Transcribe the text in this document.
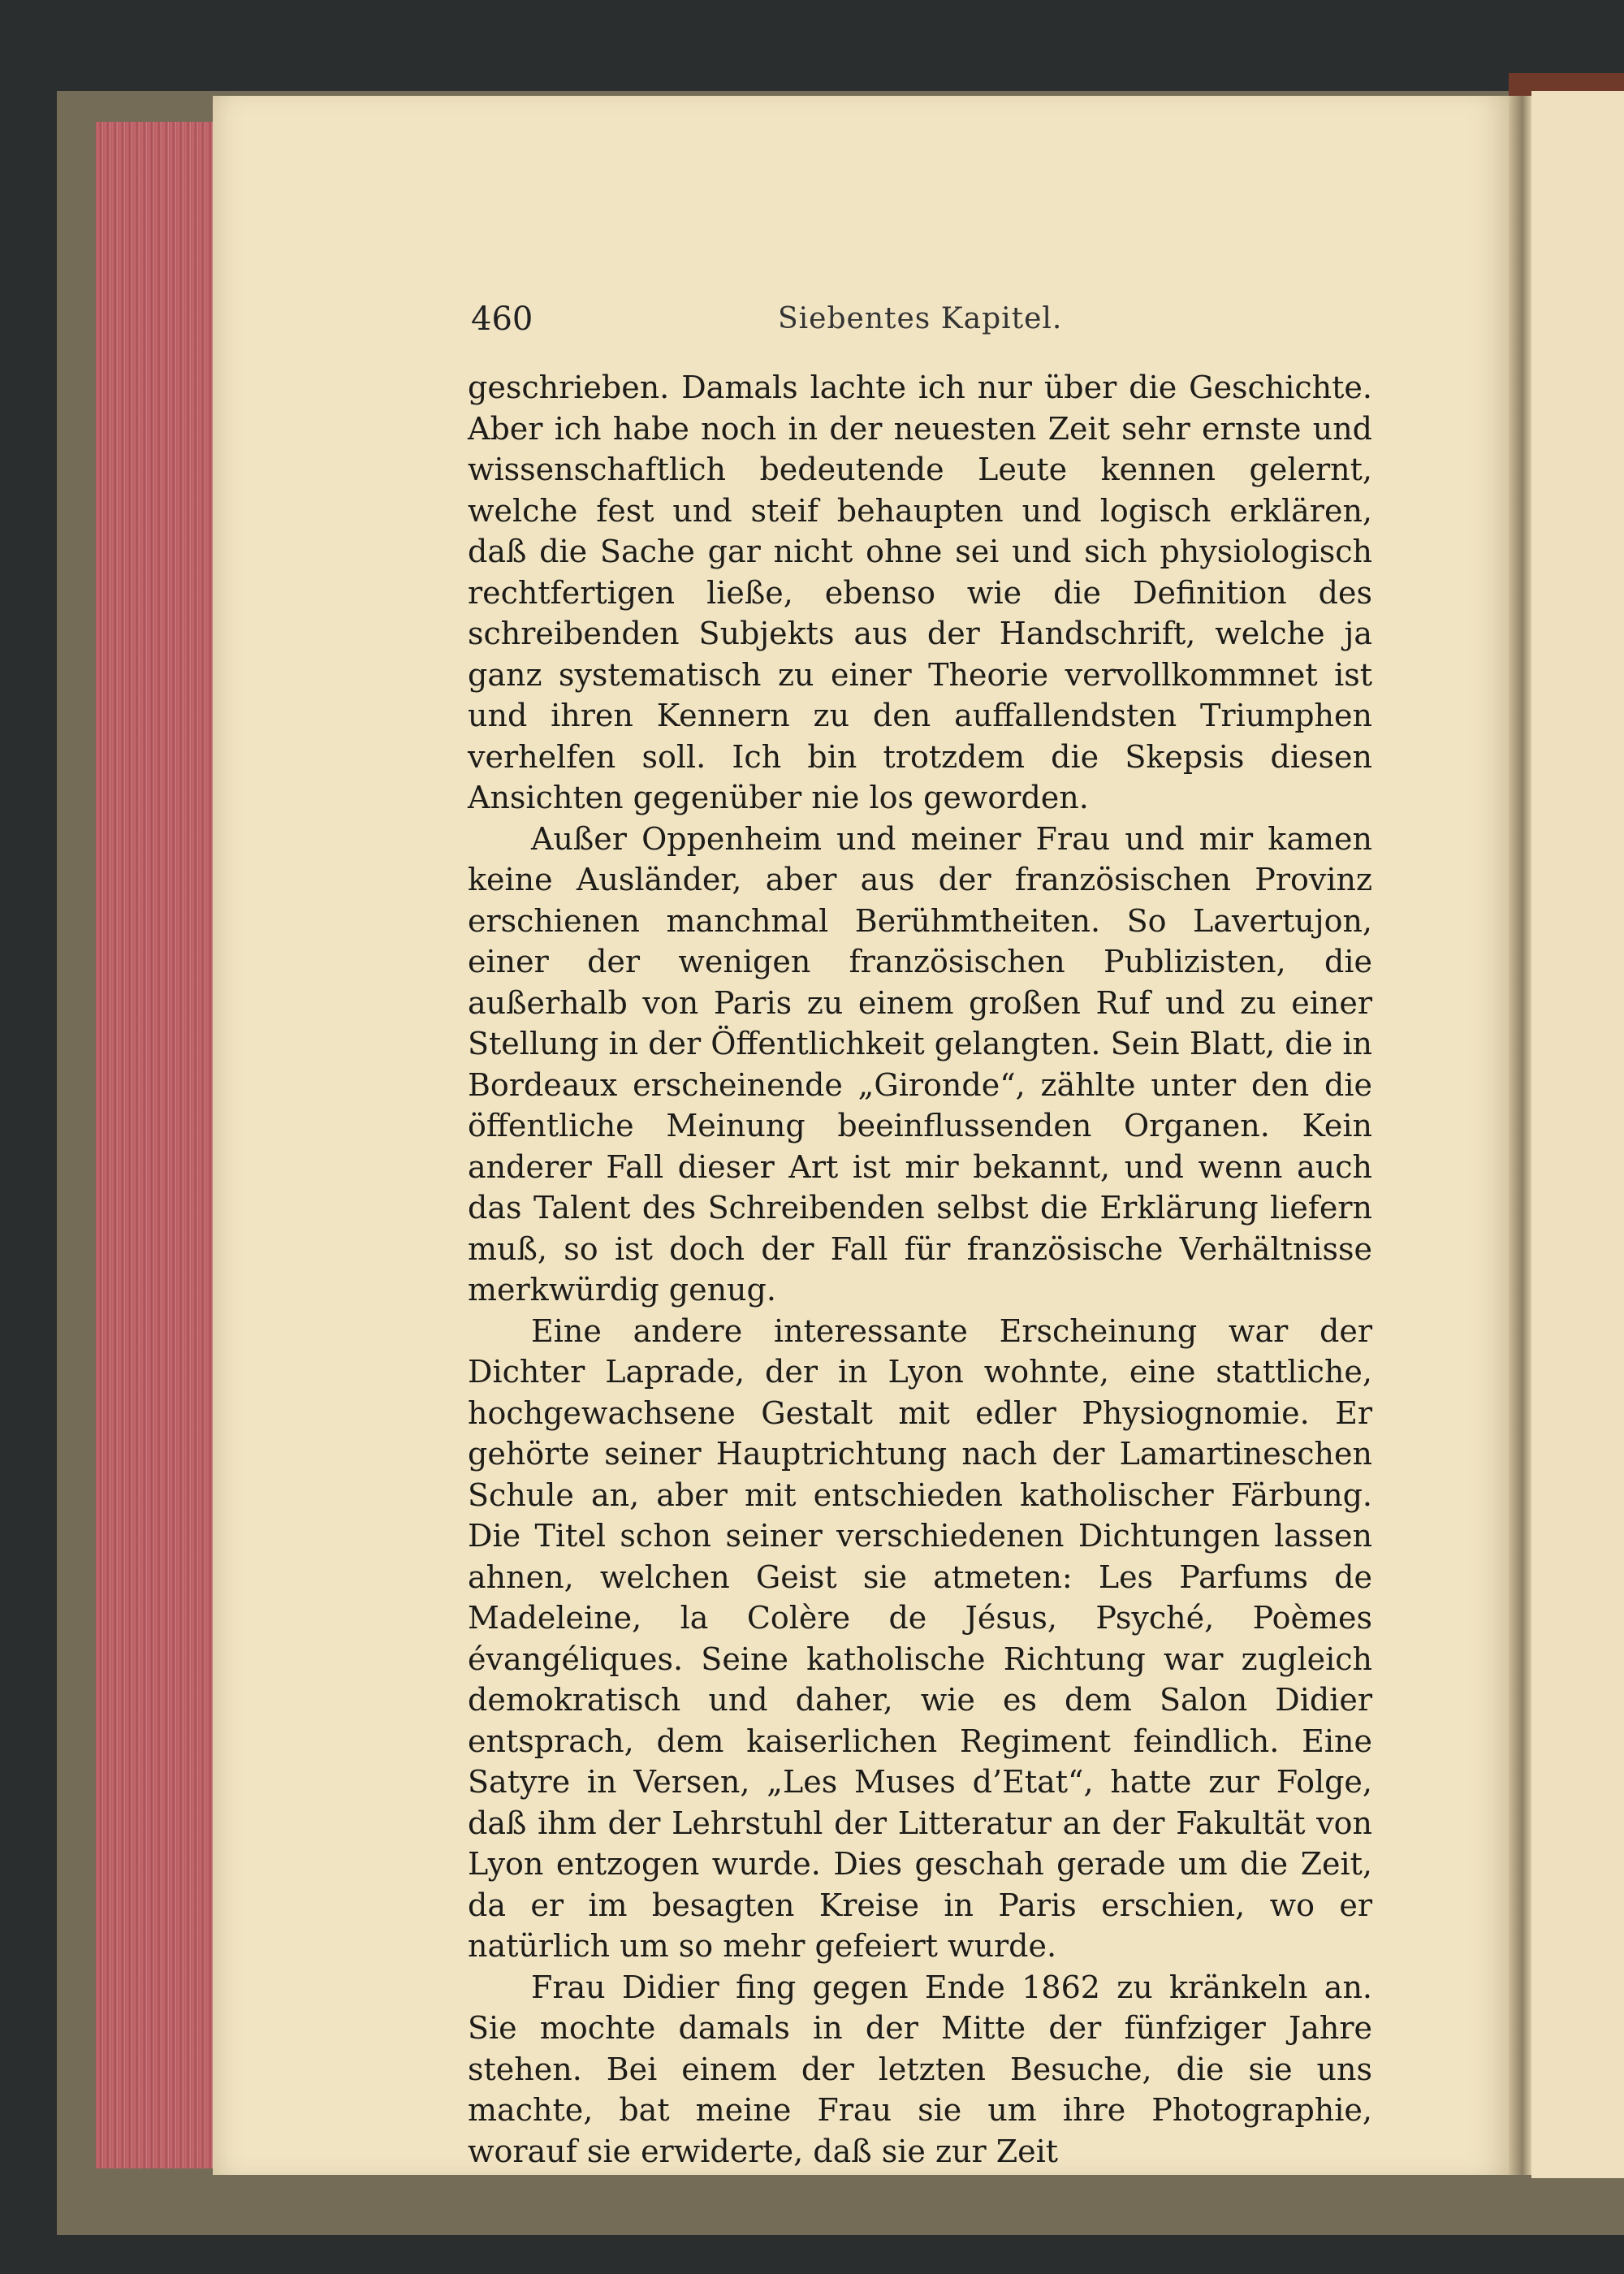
460	Siebentes Kapitel.

geschrieben. Damals lachte ich nur über die Geschichte. Aber ich habe noch in der neuesten Zeit sehr ernste und wissenschaftlich bedeutende Leute kennen gelernt, welche fest und steif behaupten und logisch erklären, daß die Sache gar nicht ohne sei und sich physiologisch rechtfertigen ließe, ebenso wie die Definition des schreibenden Subjekts aus der Handschrift, welche ja ganz systematisch zu einer Theorie vervollkommnet ist und ihren Kennern zu den auffallendsten Triumphen verhelfen soll. Ich bin trotzdem die Skepsis diesen Ansichten gegenüber nie los geworden.

Außer Oppenheim und meiner Frau und mir kamen keine Ausländer, aber aus der französischen Provinz erschienen manchmal Berühmtheiten. So Lavertujon, einer der wenigen französischen Publizisten, die außerhalb von Paris zu einem großen Ruf und zu einer Stellung in der Öffentlichkeit gelangten. Sein Blatt, die in Bordeaux erscheinende „Gironde“, zählte unter den die öffentliche Meinung beeinflussenden Organen. Kein anderer Fall dieser Art ist mir bekannt, und wenn auch das Talent des Schreibenden selbst die Erklärung liefern muß, so ist doch der Fall für französische Verhältnisse merkwürdig genug.

Eine andere interessante Erscheinung war der Dichter Laprade, der in Lyon wohnte, eine stattliche, hochgewachsene Gestalt mit edler Physiognomie. Er gehörte seiner Hauptrichtung nach der Lamartineschen Schule an, aber mit entschieden katholischer Färbung. Die Titel schon seiner verschiedenen Dichtungen lassen ahnen, welchen Geist sie atmeten: Les Parfums de Madeleine, la Colère de Jésus, Psyché, Poèmes évangéliques. Seine katholische Richtung war zugleich demokratisch und daher, wie es dem Salon Didier entsprach, dem kaiserlichen Regiment feindlich. Eine Satyre in Versen, „Les Muses d’Etat“, hatte zur Folge, daß ihm der Lehrstuhl der Litteratur an der Fakultät von Lyon entzogen wurde. Dies geschah gerade um die Zeit, da er im besagten Kreise in Paris erschien, wo er natürlich um so mehr gefeiert wurde.

Frau Didier fing gegen Ende 1862 zu kränkeln an. Sie mochte damals in der Mitte der fünfziger Jahre stehen. Bei einem der letzten Besuche, die sie uns machte, bat meine Frau sie um ihre Photographie, worauf sie erwiderte, daß sie zur Zeit
